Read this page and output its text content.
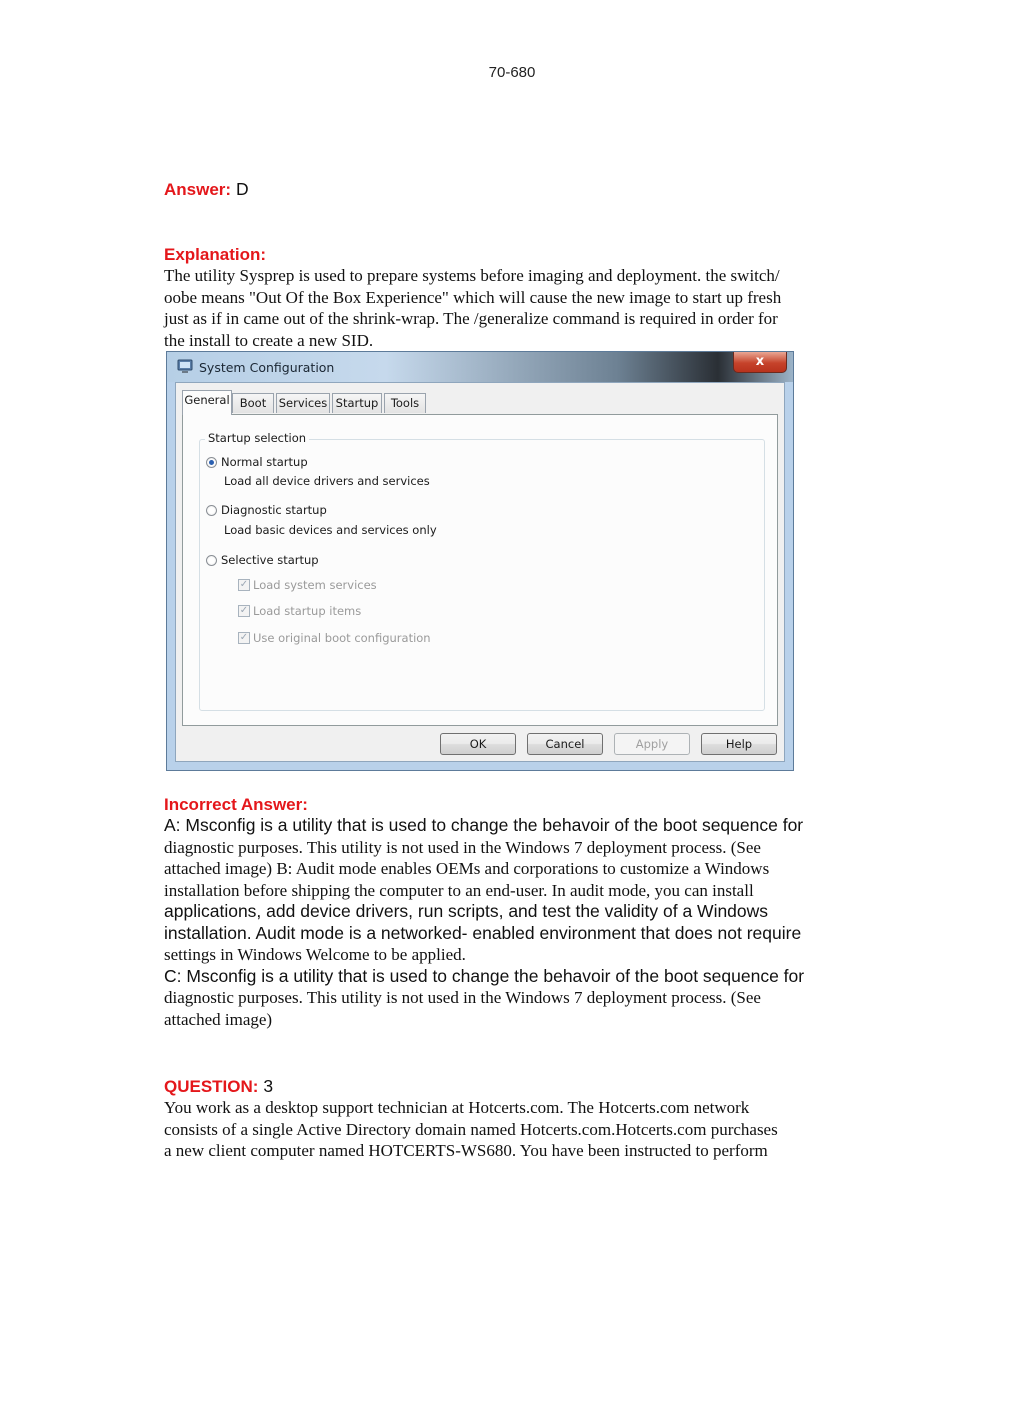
70-680
Answer: D
Explanation:
The utility Sysprep is used to prepare systems before imaging and deployment. the switch/
oobe means "Out Of the Box Experience" which will cause the new image to start up fresh
just as if in came out of the shrink-wrap. The /generalize command is required in order for
the install to create a new SID.
System Configuration	x
General Boot	Services Startup	Tools
Startup selection
Normal startup
Load all device drivers and services
Diagnostic startup
Load basic devices and services only
Selective startup
✓ Load system services
✓ Load startup items
✓ Use original boot configuration
OK	Cancel	Apply	Help
Incorrect Answer:
A: Msconfig is a utility that is used to change the behavoir of the boot sequence for
diagnostic purposes. This utility is not used in the Windows 7 deployment process. (See
attached image) B: Audit mode enables OEMs and corporations to customize a Windows
installation before shipping the computer to an end-user. In audit mode, you can install
applications, add device drivers, run scripts, and test the validity of a Windows
installation. Audit mode is a networked- enabled environment that does not require
settings in Windows Welcome to be applied.
C: Msconfig is a utility that is used to change the behavoir of the boot sequence for
diagnostic purposes. This utility is not used in the Windows 7 deployment process. (See
attached image)
QUESTION: 3
You work as a desktop support technician at Hotcerts.com. The Hotcerts.com network
consists of a single Active Directory domain named Hotcerts.com.Hotcerts.com purchases
a new client computer named HOTCERTS-WS680. You have been instructed to perform
